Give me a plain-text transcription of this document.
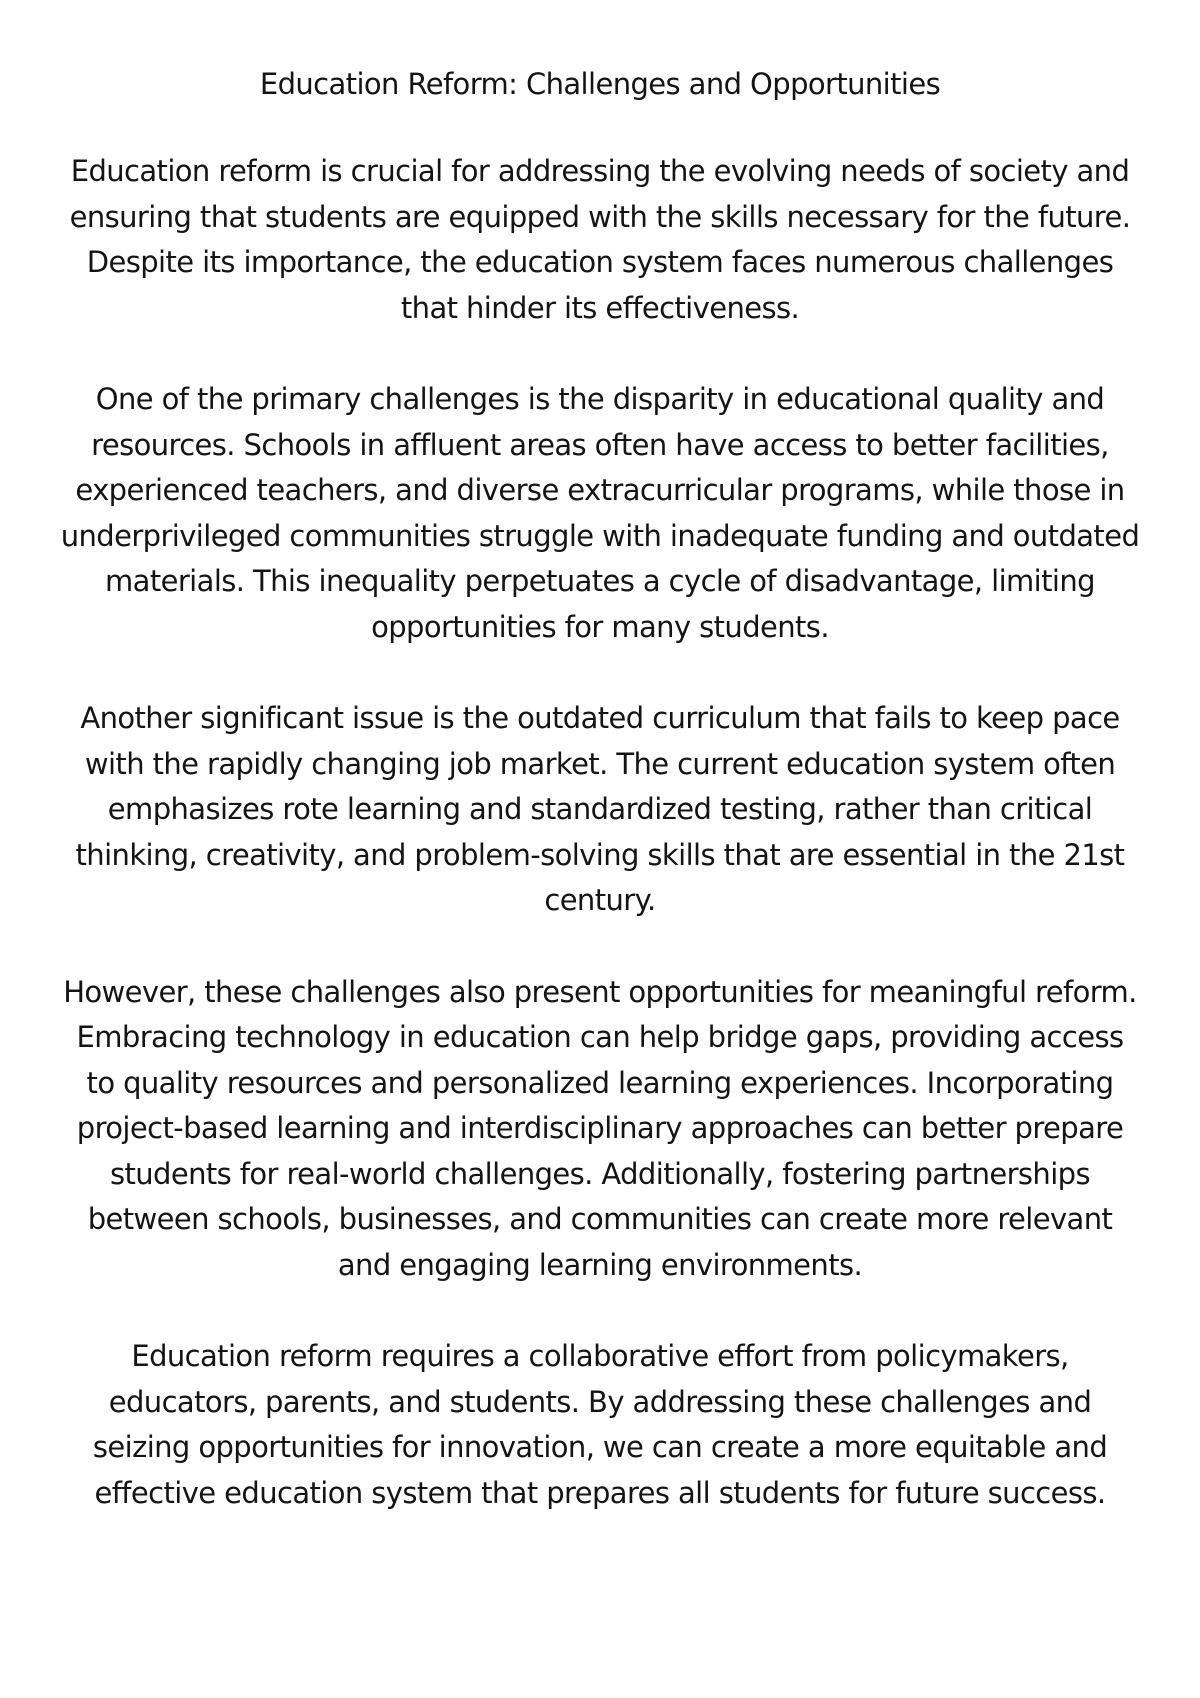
Education Reform: Challenges and Opportunities

Education reform is crucial for addressing the evolving needs of society and ensuring that students are equipped with the skills necessary for the future. Despite its importance, the education system faces numerous challenges that hinder its effectiveness.

One of the primary challenges is the disparity in educational quality and resources. Schools in affluent areas often have access to better facilities, experienced teachers, and diverse extracurricular programs, while those in underprivileged communities struggle with inadequate funding and outdated materials. This inequality perpetuates a cycle of disadvantage, limiting opportunities for many students.

Another significant issue is the outdated curriculum that fails to keep pace with the rapidly changing job market. The current education system often emphasizes rote learning and standardized testing, rather than critical thinking, creativity, and problem-solving skills that are essential in the 21st century.

However, these challenges also present opportunities for meaningful reform. Embracing technology in education can help bridge gaps, providing access to quality resources and personalized learning experiences. Incorporating project-based learning and interdisciplinary approaches can better prepare students for real-world challenges. Additionally, fostering partnerships between schools, businesses, and communities can create more relevant and engaging learning environments.

Education reform requires a collaborative effort from policymakers, educators, parents, and students. By addressing these challenges and seizing opportunities for innovation, we can create a more equitable and effective education system that prepares all students for future success.
